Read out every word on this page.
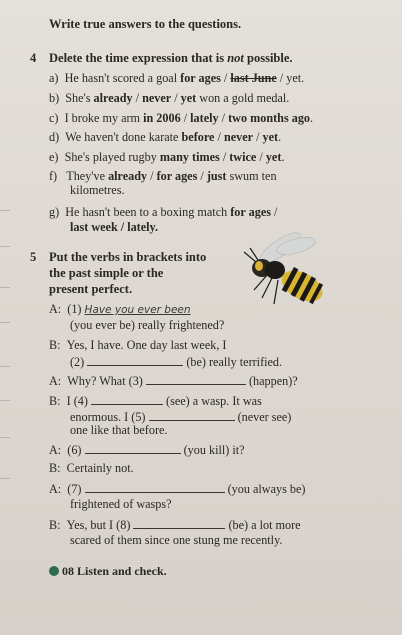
Write true answers to the questions.
4 Delete the time expression that is not possible.
a)  He hasn't scored a goal for ages / last June / yet.
b)  She's already / never / yet won a gold medal.
c)  I broke my arm in 2006 / lately / two months ago.
d)  We haven't done karate before / never / yet.
e)  She's played rugby many times / twice / yet.
f)   They've already / for ages / just swum ten
kilometres.
g)  He hasn't been to a boxing match for ages /
last week / lately.
5 Put the verbs in brackets into
the past simple or the
present perfect.
A: (1) Have you ever been
(you ever be) really frightened?
B: Yes, I have. One day last week, I
(2)	(be) really terrified.
A: Why? What (3)	(happen)?
B: I (4)	(see) a wasp. It was
enormous. I (5)	(never see)
one like that before.
A: (6)	(you kill) it?
B: Certainly not.
A: (7)	(you always be)
frightened of wasps?
B: Yes, but I (8)	(be) a lot more
scared of them since one stung me recently.
08 Listen and check.
